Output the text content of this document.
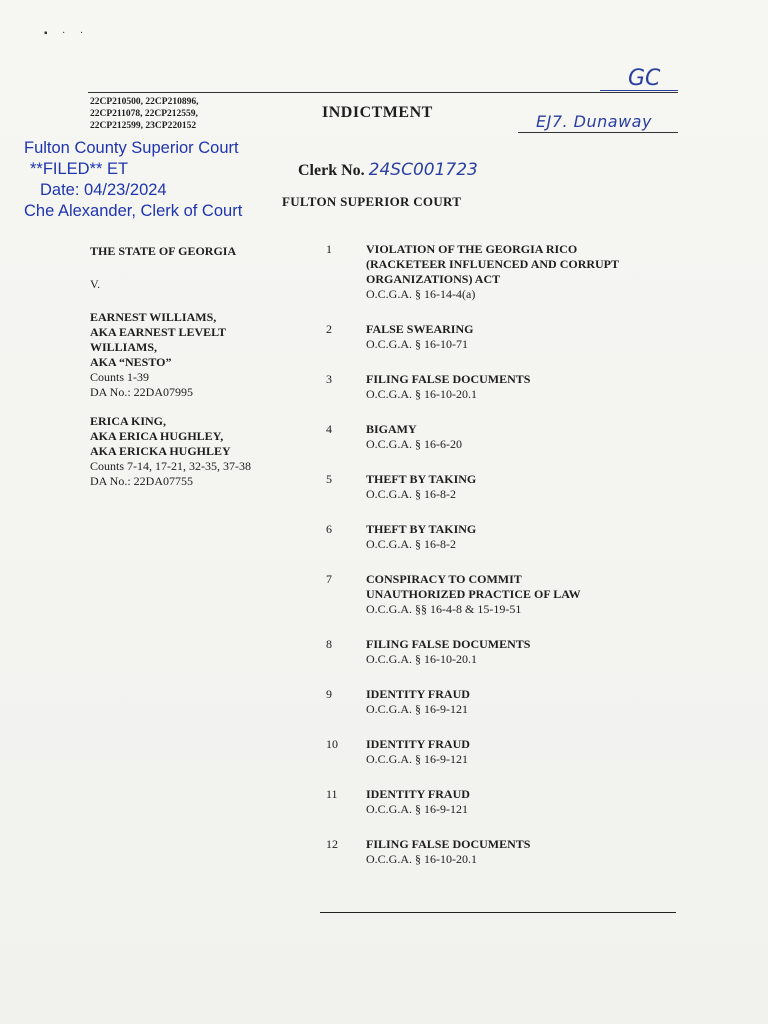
▪ · ·
22CP210500, 22CP210896,
22CP211078, 22CP212559,
22CP212599, 23CP220152
INDICTMENT
GC
EJ7. Dunaway
Fulton County Superior Court
**FILED** ET
Date: 04/23/2024
Che Alexander, Clerk of Court
Clerk No. 24SC001723
FULTON SUPERIOR COURT
THE STATE OF GEORGIA
V.
EARNEST WILLIAMS,
AKA EARNEST LEVELT
WILLIAMS,
AKA “NESTO”
Counts 1-39
DA No.: 22DA07995
ERICA KING,
AKA ERICA HUGHLEY,
AKA ERICKA HUGHLEY
Counts 7-14, 17-21, 32-35, 37-38
DA No.: 22DA07755
1	VIOLATION OF THE GEORGIA RICO
(RACKETEER INFLUENCED AND CORRUPT
ORGANIZATIONS) ACT
O.C.G.A. § 16-14-4(a)
2	FALSE SWEARING
O.C.G.A. § 16-10-71
3	FILING FALSE DOCUMENTS
O.C.G.A. § 16-10-20.1
4	BIGAMY
O.C.G.A. § 16-6-20
5	THEFT BY TAKING
O.C.G.A. § 16-8-2
6	THEFT BY TAKING
O.C.G.A. § 16-8-2
7	CONSPIRACY TO COMMIT
UNAUTHORIZED PRACTICE OF LAW
O.C.G.A. §§ 16-4-8 & 15-19-51
8	FILING FALSE DOCUMENTS
O.C.G.A. § 16-10-20.1
9	IDENTITY FRAUD
O.C.G.A. § 16-9-121
10	IDENTITY FRAUD
O.C.G.A. § 16-9-121
11	IDENTITY FRAUD
O.C.G.A. § 16-9-121
12	FILING FALSE DOCUMENTS
O.C.G.A. § 16-10-20.1
